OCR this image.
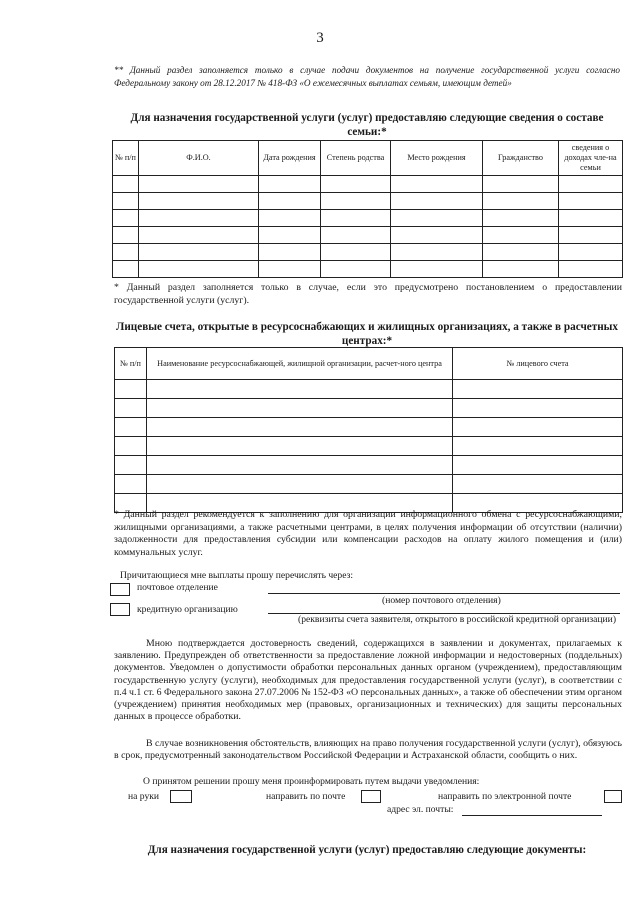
3
** Данный раздел заполняется только в случае подачи документов на получение государственной услуги согласно Федеральному закону от 28.12.2017 № 418-ФЗ «О ежемесячных выплатах семьям, имеющим детей»
Для назначения государственной услуги (услуг) предоставляю следующие сведения о составе семьи:*
№ п/п	Ф.И.О.	Дата рождения	Степень родства	Место рождения	Гражданство	сведения о доходах чле-на семьи

* Данный раздел заполняется только в случае, если это предусмотрено постановлением о предоставлении государственной услуги (услуг).
Лицевые счета, открытые в ресурсоснабжающих и жилищных организациях, а также в расчетных центрах:*
№ п/п	Наименование ресурсоснабжающей, жилищной организации, расчет-ного центра	№ лицевого счета

* Данный раздел рекомендуется к заполнению для организации информационного обмена с ресурсоснабжающими, жилищными организациями, а также расчетными центрами, в целях получения информации об отсутствии (наличии) задолженности для предоставления субсидии или компенсации расходов на оплату жилого помещения и (или) коммунальных услуг.
Причитающиеся мне выплаты прошу перечислять через:
почтовое отделение
(номер почтового отделения)
кредитную организацию
(реквизиты счета заявителя, открытого в российской кредитной организации)
Мною подтверждается достоверность сведений, содержащихся в заявлении и документах, прилагаемых к заявлению. Предупрежден об ответственности за предоставление ложной информации и недостоверных (поддельных) документов. Уведомлен о допустимости обработки персональных данных органом (учреждением), предоставляющим государственную услугу (услуги), необходимых для предоставления государственной услуги (услуг), в соответствии с п.4 ч.1 ст. 6 Федерального закона 27.07.2006 № 152-ФЗ «О персональных данных», а также об обеспечении этим органом (учреждением) принятия необходимых мер (правовых, организационных и технических) для защиты персональных данных в процессе обработки.
В случае возникновения обстоятельств, влияющих на право получения государственной услуги (услуг), обязуюсь в срок, предусмотренный законодательством Российской Федерации и Астраханской области, сообщить о них.
О принятом решении прошу меня проинформировать путем выдачи уведомления:
на руки	направить по почте	направить по электронной почте
адрес эл. почты:
Для назначения государственной услуги (услуг) предоставляю следующие документы:
